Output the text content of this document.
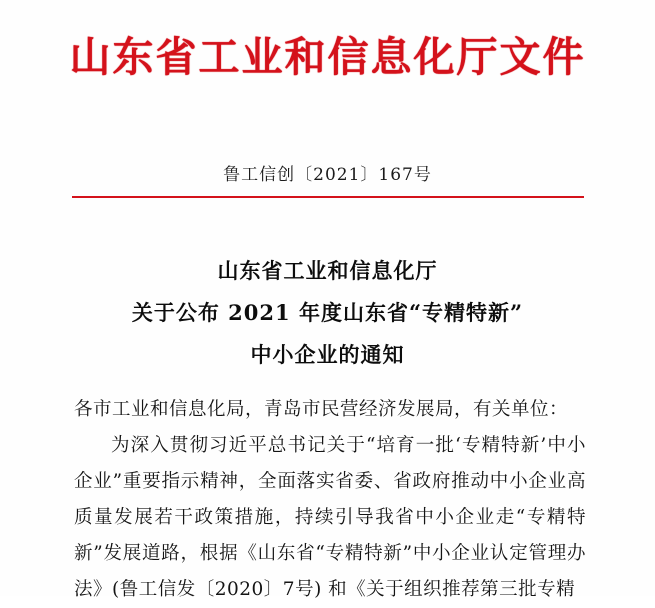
山东省工业和信息化厅文件
鲁工信创〔2021〕167号
山东省工业和信息化厅
关于公布 2021 年度山东省“专精特新”
中小企业的通知

各市工业和信息化局，青岛市民营经济发展局，有关单位：

为深入贯彻习近平总书记关于“培育一批‘专精特新’中小企业”重要指示精神，全面落实省委、省政府推动中小企业高质量发展若干政策措施，持续引导我省中小企业走“专精特新”发展道路，根据《山东省“专精特新”中小企业认定管理办法》(鲁工信发〔2020〕7号) 和《关于组织推荐第三批专精
